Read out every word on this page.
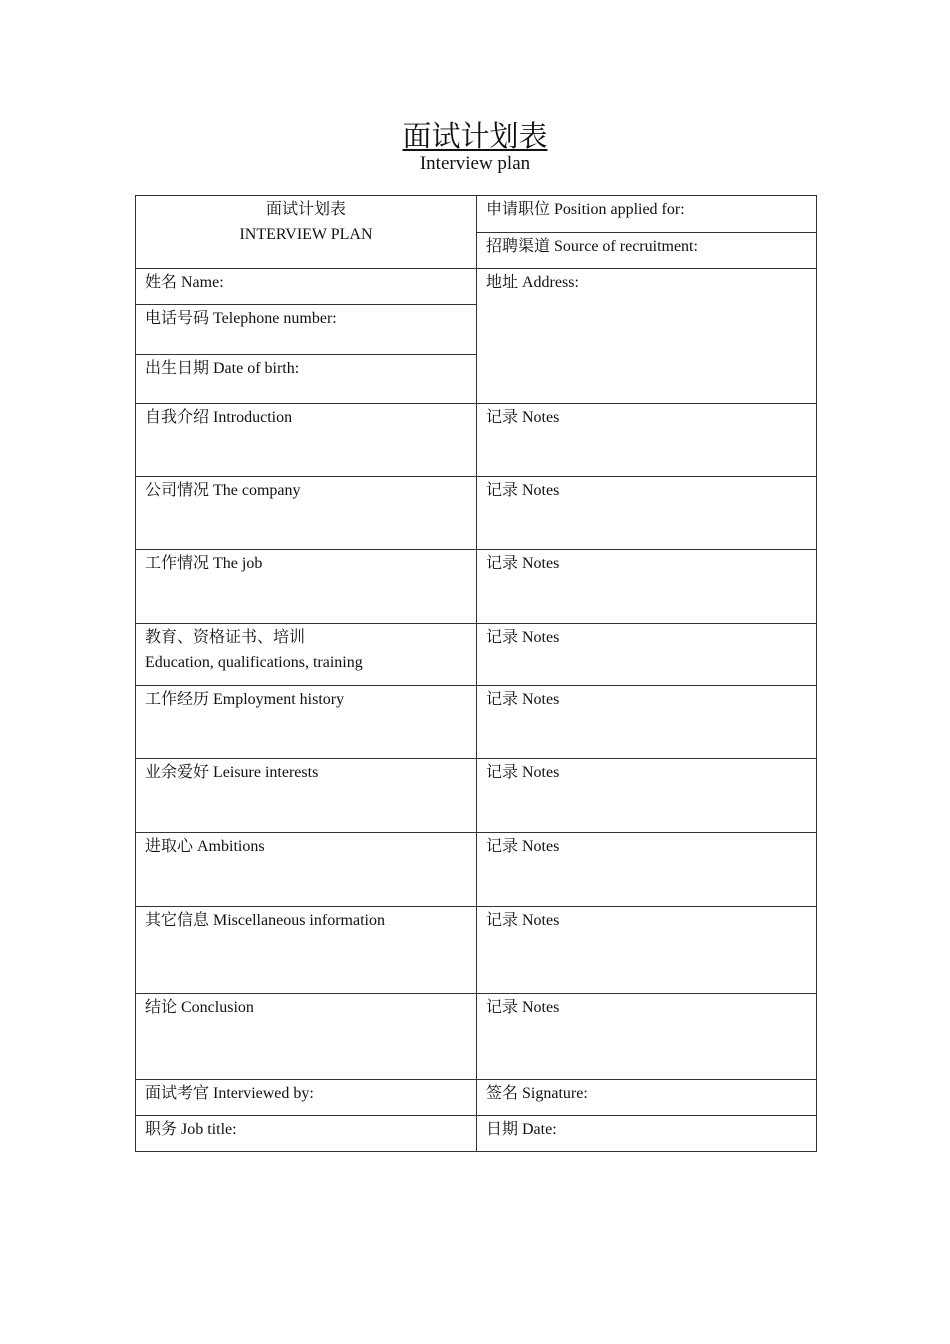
面试计划表
Interview plan
面试计划表
INTERVIEW PLAN	申请职位 Position applied for:

	招聘渠道 Source of recruitment:

姓名 Name:	地址 Address:

电话号码 Telephone number:	

出生日期 Date of birth:	

自我介绍 Introduction	记录 Notes

公司情况 The company	记录 Notes

工作情况 The job	记录 Notes

教育、资格证书、培训
Education, qualifications, training	记录 Notes

工作经历 Employment history	记录 Notes

业余爱好 Leisure interests	记录 Notes

进取心 Ambitions	记录 Notes

其它信息 Miscellaneous information	记录 Notes

结论 Conclusion	记录 Notes

面试考官 Interviewed by:	签名 Signature:

职务 Job title:	日期 Date:
